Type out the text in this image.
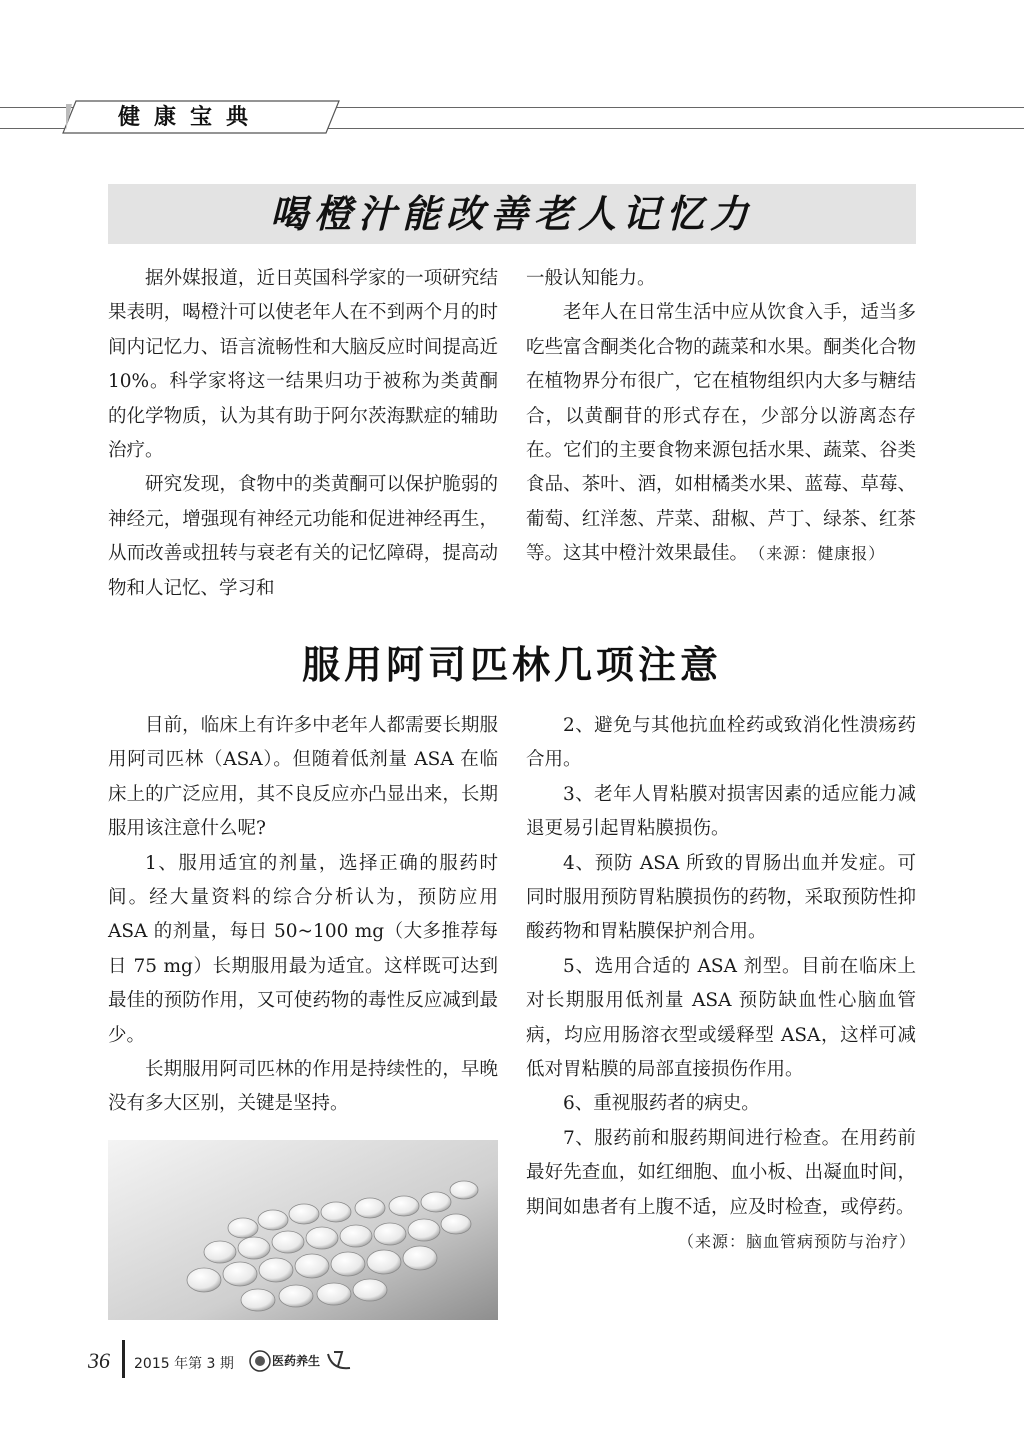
健康宝典
喝橙汁能改善老人记忆力

据外媒报道，近日英国科学家的一项研究结果表明，喝橙汁可以使老年人在不到两个月的时间内记忆力、语言流畅性和大脑反应时间提高近 10%。科学家将这一结果归功于被称为类黄酮的化学物质，认为其有助于阿尔茨海默症的辅助治疗。

研究发现，食物中的类黄酮可以保护脆弱的神经元，增强现有神经元功能和促进神经再生，从而改善或扭转与衰老有关的记忆障碍，提高动物和人记忆、学习和

一般认知能力。

老年人在日常生活中应从饮食入手，适当多吃些富含酮类化合物的蔬菜和水果。酮类化合物在植物界分布很广，它在植物组织内大多与糖结合，以黄酮苷的形式存在，少部分以游离态存在。它们的主要食物来源包括水果、蔬菜、谷类食品、茶叶、酒，如柑橘类水果、蓝莓、草莓、葡萄、红洋葱、芹菜、甜椒、芦丁、绿茶、红茶等。这其中橙汁效果最佳。　 （来源：健康报）

服用阿司匹林几项注意

目前，临床上有许多中老年人都需要长期服用阿司匹林（ASA）。但随着低剂量 ASA 在临床上的广泛应用，其不良反应亦凸显出来，长期服用该注意什么呢?

1、服用适宜的剂量，选择正确的服药时间。经大量资料的综合分析认为，预防应用 ASA 的剂量，每日 50~100 mg（大多推荐每日 75 mg）长期服用最为适宜。这样既可达到最佳的预防作用，又可使药物的毒性反应减到最少。

长期服用阿司匹林的作用是持续性的，早晚没有多大区别，关键是坚持。

2、避免与其他抗血栓药或致消化性溃疡药合用。

3、老年人胃粘膜对损害因素的适应能力减退更易引起胃粘膜损伤。

4、预防 ASA 所致的胃肠出血并发症。可同时服用预防胃粘膜损伤的药物，采取预防性抑酸药物和胃粘膜保护剂合用。

5、选用合适的 ASA 剂型。目前在临床上对长期服用低剂量 ASA 预防缺血性心脑血管病，均应用肠溶衣型或缓释型 ASA，这样可减低对胃粘膜的局部直接损伤作用。

6、重视服药者的病史。

7、服药前和服药期间进行检查。在用药前最好先查血，如红细胞、血小板、出凝血时间，期间如患者有上腹不适，应及时检查，或停药。

（来源：脑血管病预防与治疗）

36 2015 年第 3 期	医药养生
